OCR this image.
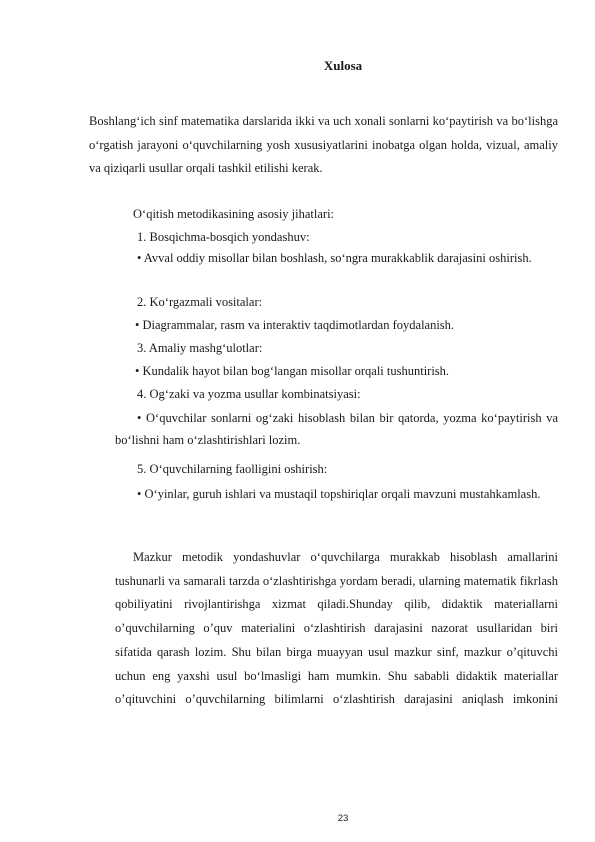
Xulosa

Boshlang‘ich sinf matematika darslarida ikki va uch xonali sonlarni ko‘paytirish va bo‘lishga o‘rgatish jarayoni o‘quvchilarning yosh xususiyatlarini inobatga olgan holda, vizual, amaliy va qiziqarli usullar orqali tashkil etilishi kerak.

O‘qitish metodikasining asosiy jihatlari:

1. Bosqichma-bosqich yondashuv:

• Avval oddiy misollar bilan boshlash, so‘ngra murakkablik darajasini oshirish.

2. Ko‘rgazmali vositalar:

• Diagrammalar, rasm va interaktiv taqdimotlardan foydalanish.

3. Amaliy mashg‘ulotlar:

• Kundalik hayot bilan bog‘langan misollar orqali tushuntirish.

4. Og‘zaki va yozma usullar kombinatsiyasi:

• O‘quvchilar sonlarni og‘zaki hisoblash bilan bir qatorda, yozma ko‘paytirish va bo‘lishni ham o‘zlashtirishlari lozim.

5. O‘quvchilarning faolligini oshirish:

• O‘yinlar, guruh ishlari va mustaqil topshiriqlar orqali mavzuni mustahkamlash.

Mazkur metodik yondashuvlar o‘quvchilarga murakkab hisoblash amallarini tushunarli va samarali tarzda o‘zlashtirishga yordam beradi, ularning matematik fikrlash qobiliyatini rivojlantirishga xizmat qiladi.Shunday qilib, didaktik materiallarni o’quvchilarning o’quv materialini o‘zlashtirish darajasini nazorat usullaridan biri sifatida qarash lozim. Shu bilan birga muayyan usul mazkur sinf, mazkur o’qituvchi uchun eng yaxshi usul bo‘lmasligi ham mumkin. Shu sababli didaktik materiallar o’qituvchini o’quvchilarning bilimlarni o‘zlashtirish darajasini aniqlash imkonini

23
